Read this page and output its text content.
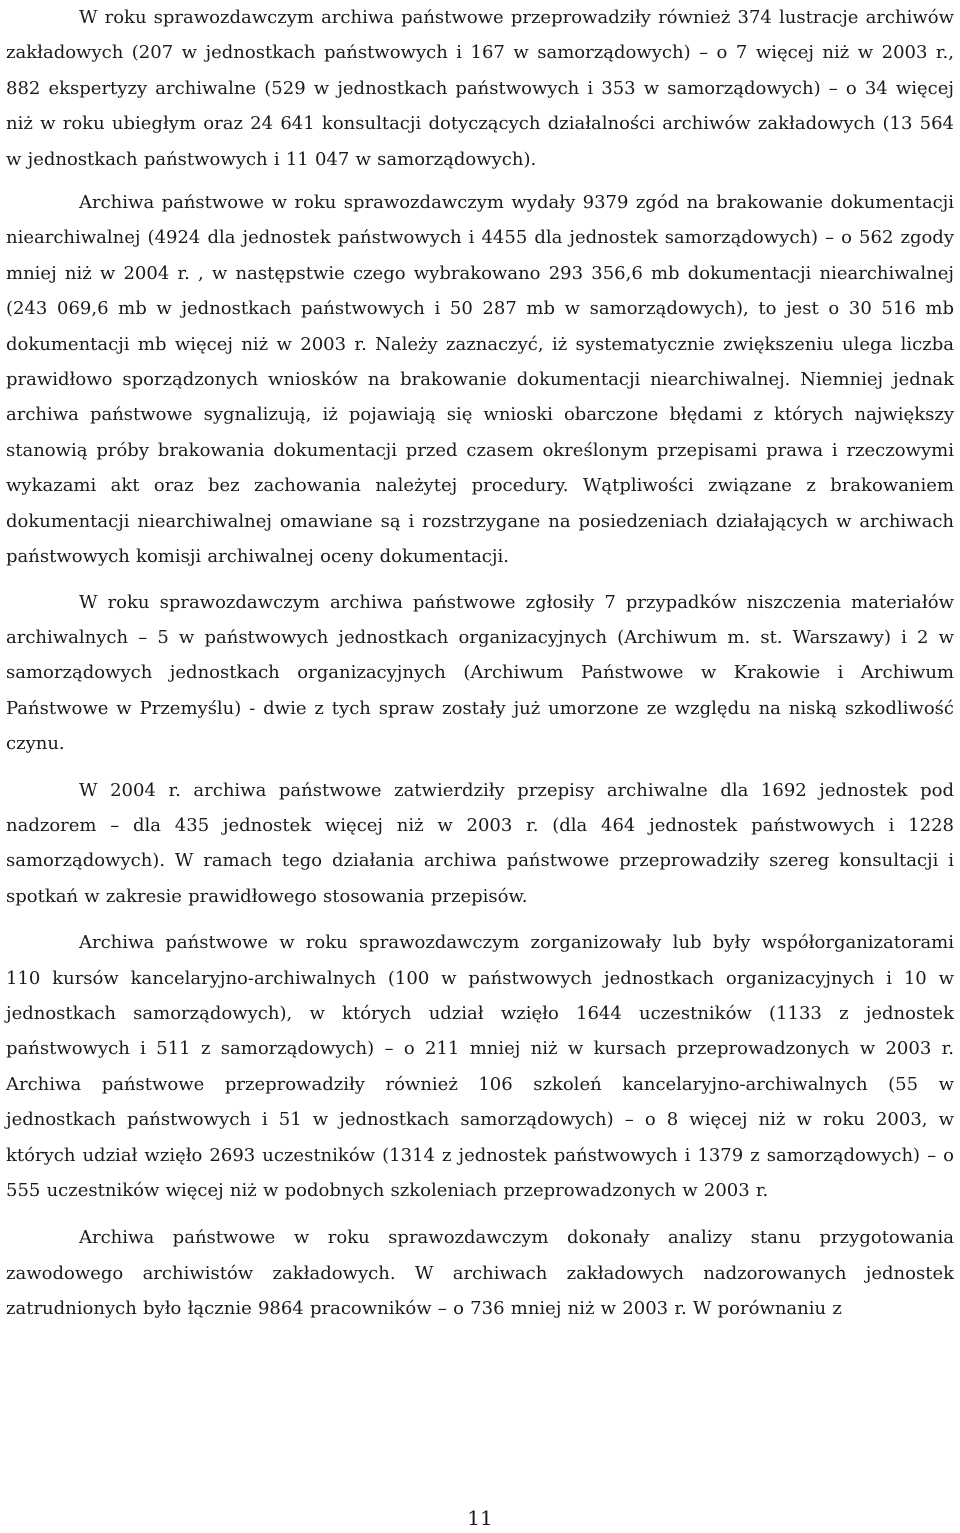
W roku sprawozdawczym archiwa państwowe przeprowadziły również 374 lustracje archiwów zakładowych (207 w jednostkach państwowych i 167 w samorządowych) – o 7 więcej niż w 2003 r., 882 ekspertyzy archiwalne (529 w jednostkach państwowych i 353 w samorządowych) – o 34 więcej niż w roku ubiegłym oraz 24 641 konsultacji dotyczących działalności archiwów zakładowych (13 564 w jednostkach państwowych i 11 047 w samorządowych).

Archiwa państwowe w roku sprawozdawczym wydały 9379 zgód na brakowanie dokumentacji niearchiwalnej (4924 dla jednostek państwowych i 4455 dla jednostek samorządowych) – o 562 zgody mniej niż w 2004 r. , w następstwie czego wybrakowano 293 356,6 mb dokumentacji niearchiwalnej (243 069,6 mb w jednostkach państwowych i 50 287 mb w samorządowych), to jest o 30 516 mb dokumentacji mb więcej niż w 2003 r. Należy zaznaczyć, iż systematycznie zwiększeniu ulega liczba prawidłowo sporządzonych wniosków na brakowanie dokumentacji niearchiwalnej. Niemniej jednak archiwa państwowe sygnalizują, iż pojawiają się wnioski obarczone błędami z których największy stanowią próby brakowania dokumentacji przed czasem określonym przepisami prawa i rzeczowymi wykazami akt oraz bez zachowania należytej procedury. Wątpliwości związane z brakowaniem dokumentacji niearchiwalnej omawiane są i rozstrzygane na posiedzeniach działających w archiwach państwowych komisji archiwalnej oceny dokumentacji.

W roku sprawozdawczym archiwa państwowe zgłosiły 7 przypadków niszczenia materiałów archiwalnych – 5 w państwowych jednostkach organizacyjnych (Archiwum m. st. Warszawy) i 2 w samorządowych jednostkach organizacyjnych (Archiwum Państwowe w Krakowie i Archiwum Państwowe w Przemyślu) - dwie z tych spraw zostały już umorzone ze względu na niską szkodliwość czynu.

W 2004 r. archiwa państwowe zatwierdziły przepisy archiwalne dla 1692 jednostek pod nadzorem – dla 435 jednostek więcej niż w 2003 r. (dla 464 jednostek państwowych i 1228 samorządowych). W ramach tego działania archiwa państwowe przeprowadziły szereg konsultacji i spotkań w zakresie prawidłowego stosowania przepisów.

Archiwa państwowe w roku sprawozdawczym zorganizowały lub były współorganizatorami 110 kursów kancelaryjno-archiwalnych (100 w państwowych jednostkach organizacyjnych i 10 w jednostkach samorządowych), w których udział wzięło 1644 uczestników (1133 z jednostek państwowych i 511 z samorządowych) – o 211 mniej niż w kursach przeprowadzonych w 2003 r. Archiwa państwowe przeprowadziły również 106 szkoleń kancelaryjno-archiwalnych (55 w jednostkach państwowych i 51 w jednostkach samorządowych) – o 8 więcej niż w roku 2003, w których udział wzięło 2693 uczestników (1314 z jednostek państwowych i 1379 z samorządowych) – o 555 uczestników więcej niż w podobnych szkoleniach przeprowadzonych w 2003 r.

Archiwa państwowe w roku sprawozdawczym dokonały analizy stanu przygotowania zawodowego archiwistów zakładowych. W archiwach zakładowych nadzorowanych jednostek zatrudnionych było łącznie 9864 pracowników – o 736 mniej niż w 2003 r. W porównaniu z

11
